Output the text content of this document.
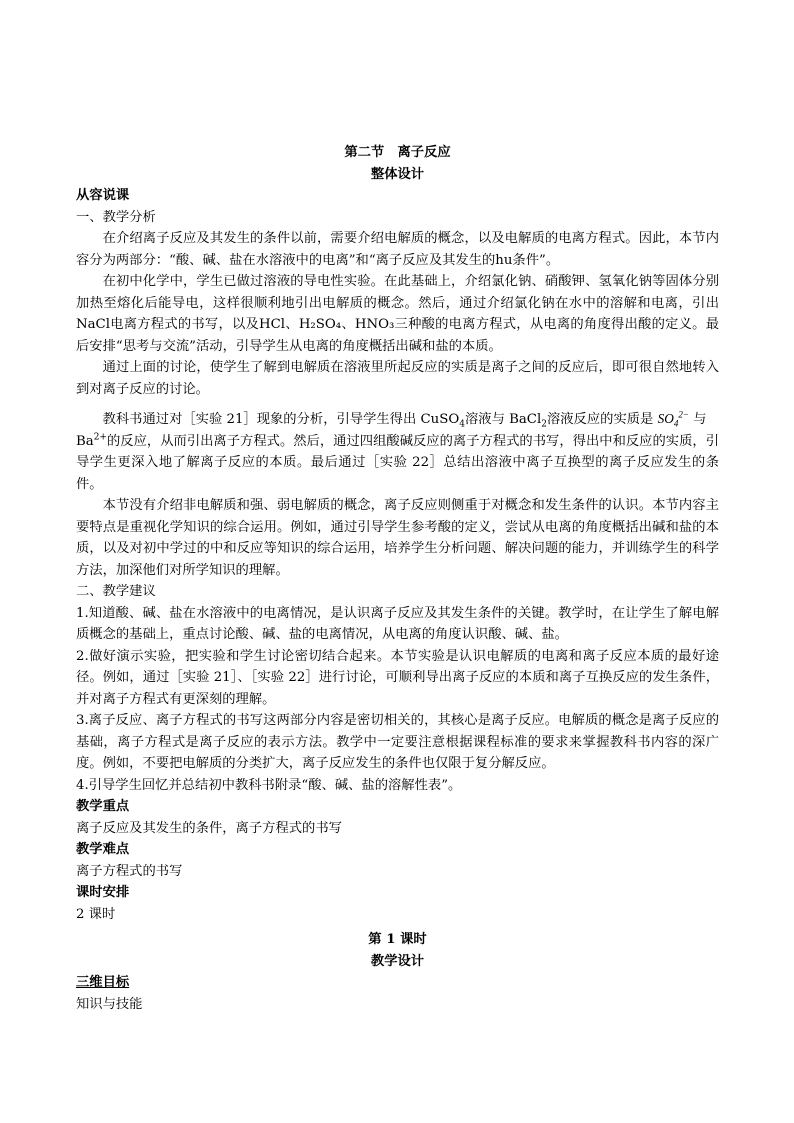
第二节　离子反应

整体设计

从容说课

一、教学分析

在介绍离子反应及其发生的条件以前，需要介绍电解质的概念，以及电解质的电离方程式。因此，本节内容分为两部分：“酸、碱、盐在水溶液中的电离”和“离子反应及其发生的hu条件”。

在初中化学中，学生已做过溶液的导电性实验。在此基础上，介绍氯化钠、硝酸钾、氢氧化钠等固体分别加热至熔化后能导电，这样很顺利地引出电解质的概念。然后，通过介绍氯化钠在水中的溶解和电离，引出NaCl电离方程式的书写，以及HCl、H₂SO₄、HNO₃三种酸的电离方程式，从电离的角度得出酸的定义。最后安排“思考与交流”活动，引导学生从电离的角度概括出碱和盐的本质。

通过上面的讨论，使学生了解到电解质在溶液里所起反应的实质是离子之间的反应后，即可很自然地转入到对离子反应的讨论。

教科书通过对［实验 21］现象的分析，引导学生得出 CuSO$_4$溶液与 BaCl$_2$溶液反应的实质是 $SO_4^{2-}$ 与

$Ba^{2+}$的反应，从而引出离子方程式。然后，通过四组酸碱反应的离子方程式的书写，得出中和反应的实质，引导学生更深入地了解离子反应的本质。最后通过［实验 22］总结出溶液中离子互换型的离子反应发生的条件。

本节没有介绍非电解质和强、弱电解质的概念，离子反应则侧重于对概念和发生条件的认识。本节内容主要特点是重视化学知识的综合运用。例如，通过引导学生参考酸的定义，尝试从电离的角度概括出碱和盐的本质，以及对初中学过的中和反应等知识的综合运用，培养学生分析问题、解决问题的能力，并训练学生的科学方法，加深他们对所学知识的理解。

二、教学建议

1.知道酸、碱、盐在水溶液中的电离情况，是认识离子反应及其发生条件的关键。教学时，在让学生了解电解质概念的基础上，重点讨论酸、碱、盐的电离情况，从电离的角度认识酸、碱、盐。

2.做好演示实验，把实验和学生讨论密切结合起来。本节实验是认识电解质的电离和离子反应本质的最好途径。例如，通过［实验 21］、［实验 22］进行讨论，可顺利导出离子反应的本质和离子互换反应的发生条件，并对离子方程式有更深刻的理解。

3.离子反应、离子方程式的书写这两部分内容是密切相关的，其核心是离子反应。电解质的概念是离子反应的基础，离子方程式是离子反应的表示方法。教学中一定要注意根据课程标准的要求来掌握教科书内容的深广度。例如，不要把电解质的分类扩大，离子反应发生的条件也仅限于复分解反应。

4.引导学生回忆并总结初中教科书附录“酸、碱、盐的溶解性表”。

教学重点

离子反应及其发生的条件，离子方程式的书写

教学难点

离子方程式的书写

课时安排

2 课时

第 1 课时

教学设计

三维目标

知识与技能
